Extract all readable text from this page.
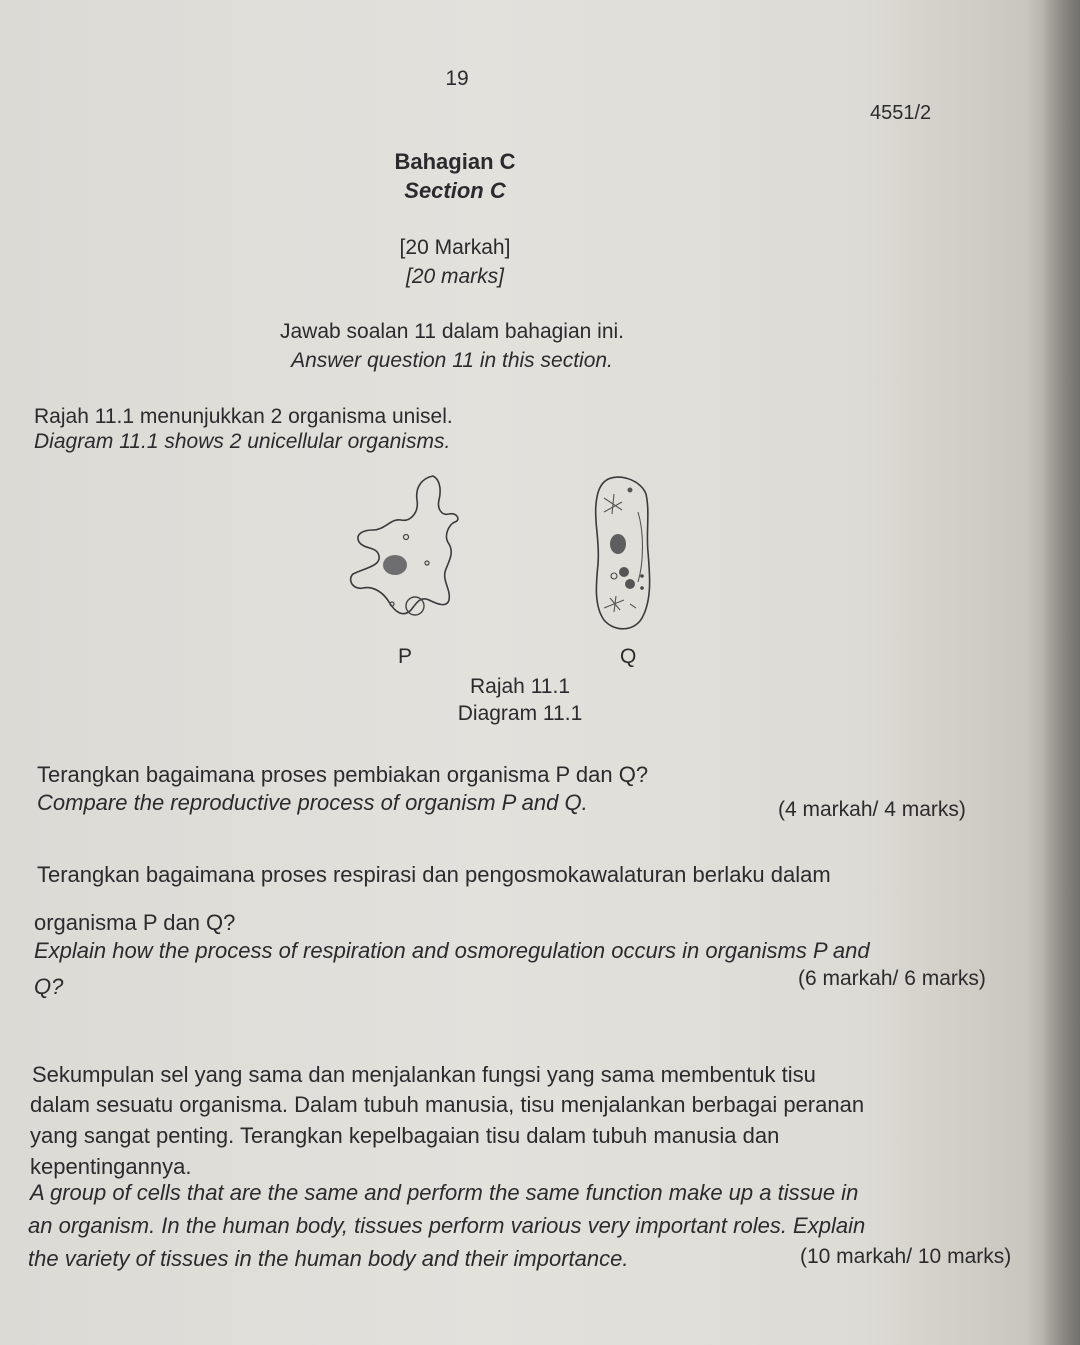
19
4551/2
Bahagian C
Section C
[20 Markah]
[20 marks]
Jawab soalan 11 dalam bahagian ini.
Answer question 11 in this section.
Rajah 11.1 menunjukkan 2 organisma unisel.
Diagram 11.1 shows 2 unicellular organisms.
P	Q
Rajah 11.1
Diagram 11.1
Terangkan bagaimana proses pembiakan organisma P dan Q?
Compare the reproductive process of organism P and Q.	(4 markah/ 4 marks)
Terangkan bagaimana proses respirasi dan pengosmokawalaturan berlaku dalam
organisma P dan Q?
Explain how the process of respiration and osmoregulation occurs in organisms P and
Q?	(6 markah/ 6 marks)
Sekumpulan sel yang sama dan menjalankan fungsi yang sama membentuk tisu
dalam sesuatu organisma. Dalam tubuh manusia, tisu menjalankan berbagai peranan
yang sangat penting. Terangkan kepelbagaian tisu dalam tubuh manusia dan
kepentingannya.
A group of cells that are the same and perform the same function make up a tissue in
an organism. In the human body, tissues perform various very important roles. Explain
the variety of tissues in the human body and their importance.	(10 markah/ 10 marks)
